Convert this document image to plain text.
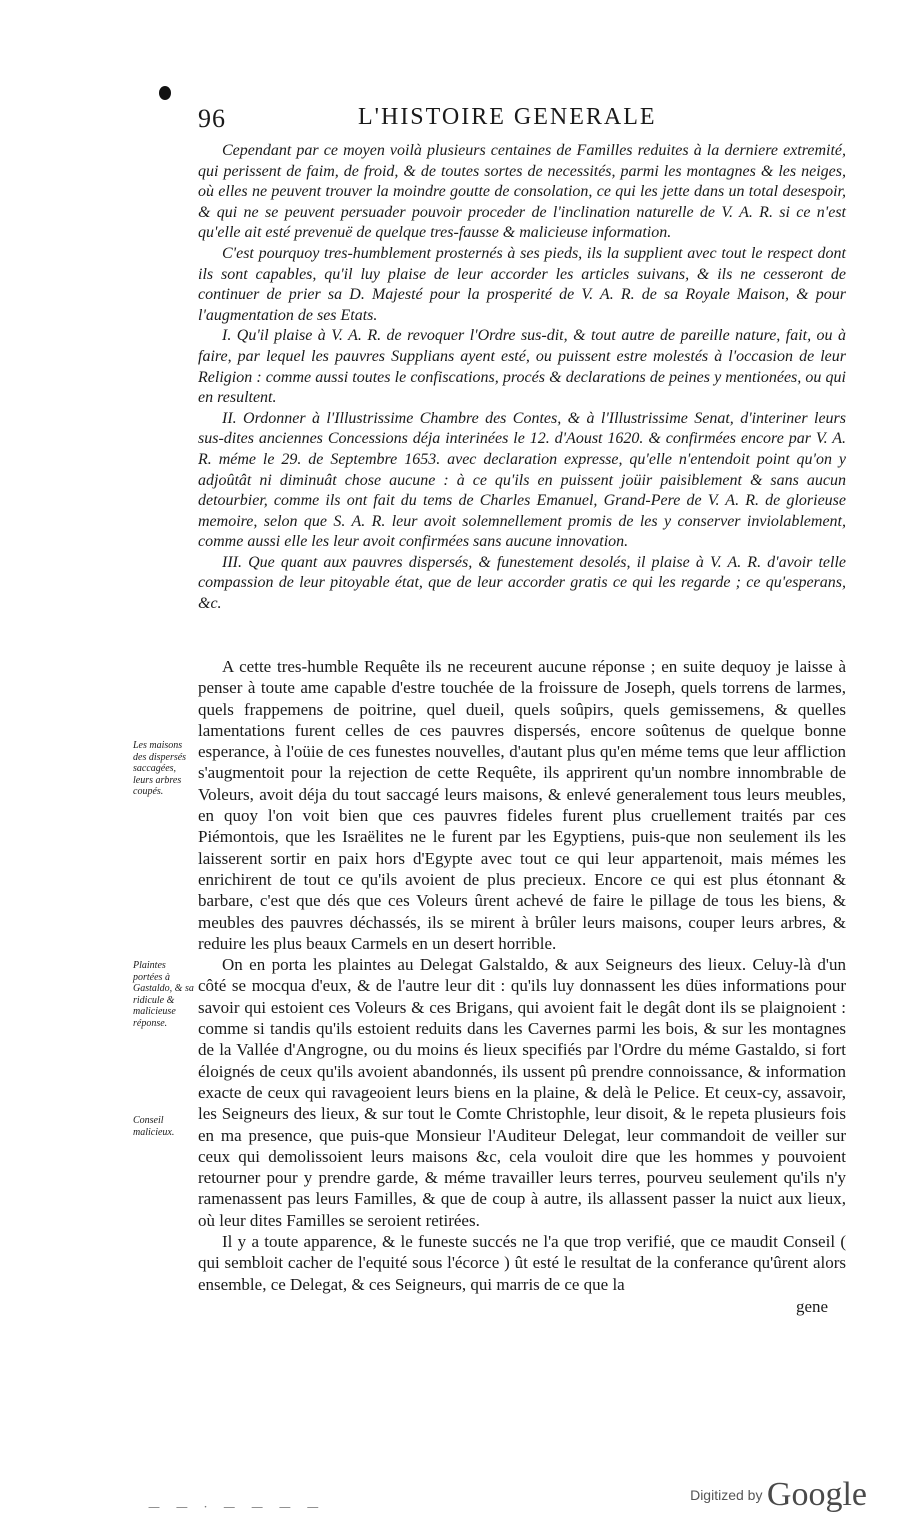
96	L'HISTOIRE GENERALE

Cependant par ce moyen voilà plusieurs centaines de Familles reduites à la derniere extremité, qui perissent de faim, de froid, & de toutes sortes de necessités, parmi les montagnes & les neiges, où elles ne peuvent trouver la moindre goutte de consolation, ce qui les jette dans un total desespoir, & qui ne se peuvent persuader pouvoir proceder de l'inclination naturelle de V. A. R. si ce n'est qu'elle ait esté prevenuë de quelque tres-fausse & malicieuse information.

C'est pourquoy tres-humblement prosternés à ses pieds, ils la supplient avec tout le respect dont ils sont capables, qu'il luy plaise de leur accorder les articles suivans, & ils ne cesseront de continuer de prier sa D. Majesté pour la prosperité de V. A. R. de sa Royale Maison, & pour l'augmentation de ses Etats.

I. Qu'il plaise à V. A. R. de revoquer l'Ordre sus-dit, & tout autre de pareille nature, fait, ou à faire, par lequel les pauvres Supplians ayent esté, ou puissent estre molestés à l'occasion de leur Religion : comme aussi toutes le confiscations, procés & declarations de peines y mentionées, ou qui en resultent.

II. Ordonner à l'Illustrissime Chambre des Contes, & à l'Illustrissime Senat, d'interiner leurs sus-dites anciennes Concessions déja interinées le 12. d'Aoust 1620. & confirmées encore par V. A. R. méme le 29. de Septembre 1653. avec declaration expresse, qu'elle n'entendoit point qu'on y adjoûtât ni diminuât chose aucune : à ce qu'ils en puissent joüir paisiblement & sans aucun detourbier, comme ils ont fait du tems de Charles Emanuel, Grand-Pere de V. A. R. de glorieuse memoire, selon que S. A. R. leur avoit solemnellement promis de les y conserver inviolablement, comme aussi elle les leur avoit confirmées sans aucune innovation.

III. Que quant aux pauvres dispersés, & funestement desolés, il plaise à V. A. R. d'avoir telle compassion de leur pitoyable état, que de leur accorder gratis ce qui les regarde ; ce qu'esperans, &c.

Les maisons des dispersés saccagées, leurs arbres coupés.
Plaintes portées à Gastaldo, & sa ridicule & malicieuse réponse.
Conseil malicieux.

A cette tres-humble Requête ils ne receurent aucune réponse ; en suite dequoy je laisse à penser à toute ame capable d'estre touchée de la froissure de Joseph, quels torrens de larmes, quels frappemens de poitrine, quel dueil, quels soûpirs, quels gemissemens, & quelles lamentations furent celles de ces pauvres dispersés, encore soûtenus de quelque bonne esperance, à l'oüie de ces funestes nouvelles, d'autant plus qu'en méme tems que leur affliction s'augmentoit pour la rejection de cette Requête, ils apprirent qu'un nombre innombrable de Voleurs, avoit déja du tout saccagé leurs maisons, & enlevé generalement tous leurs meubles, en quoy l'on voit bien que ces pauvres fideles furent plus cruellement traités par ces Piémontois, que les Israëlites ne le furent par les Egyptiens, puis-que non seulement ils les laisserent sortir en paix hors d'Egypte avec tout ce qui leur appartenoit, mais mémes les enrichirent de tout ce qu'ils avoient de plus precieux. Encore ce qui est plus étonnant & barbare, c'est que dés que ces Voleurs ûrent achevé de faire le pillage de tous les biens, & meubles des pauvres déchassés, ils se mirent à brûler leurs maisons, couper leurs arbres, & reduire les plus beaux Carmels en un desert horrible.

On en porta les plaintes au Delegat Galstaldo, & aux Seigneurs des lieux. Celuy-là d'un côté se mocqua d'eux, & de l'autre leur dit : qu'ils luy donnassent les dües informations pour savoir qui estoient ces Voleurs & ces Brigans, qui avoient fait le degât dont ils se plaignoient : comme si tandis qu'ils estoient reduits dans les Cavernes parmi les bois, & sur les montagnes de la Vallée d'Angrogne, ou du moins és lieux specifiés par l'Ordre du méme Gastaldo, si fort éloignés de ceux qu'ils avoient abandonnés, ils ussent pû prendre connoissance, & information exacte de ceux qui ravageoient leurs biens en la plaine, & delà le Pelice. Et ceux-cy, assavoir, les Seigneurs des lieux, & sur tout le Comte Christophle, leur disoit, & le repeta plusieurs fois en ma presence, que puis-que Monsieur l'Auditeur Delegat, leur commandoit de veiller sur ceux qui demolissoient leurs maisons &c, cela vouloit dire que les hommes y pouvoient retourner pour y prendre garde, & méme travailler leurs terres, pourveu seulement qu'ils n'y ramenassent pas leurs Familles, & que de coup à autre, ils allassent passer la nuict aux lieux, où leur dites Familles se seroient retirées.

Il y a toute apparence, & le funeste succés ne l'a que trop verifié, que ce maudit Conseil ( qui sembloit cacher de l'equité sous l'écorce ) ût esté le resultat de la conferance qu'ûrent alors ensemble, ce Delegat, & ces Seigneurs, qui marris de ce que la

gene
— — · — — — —
Digitized by Google
